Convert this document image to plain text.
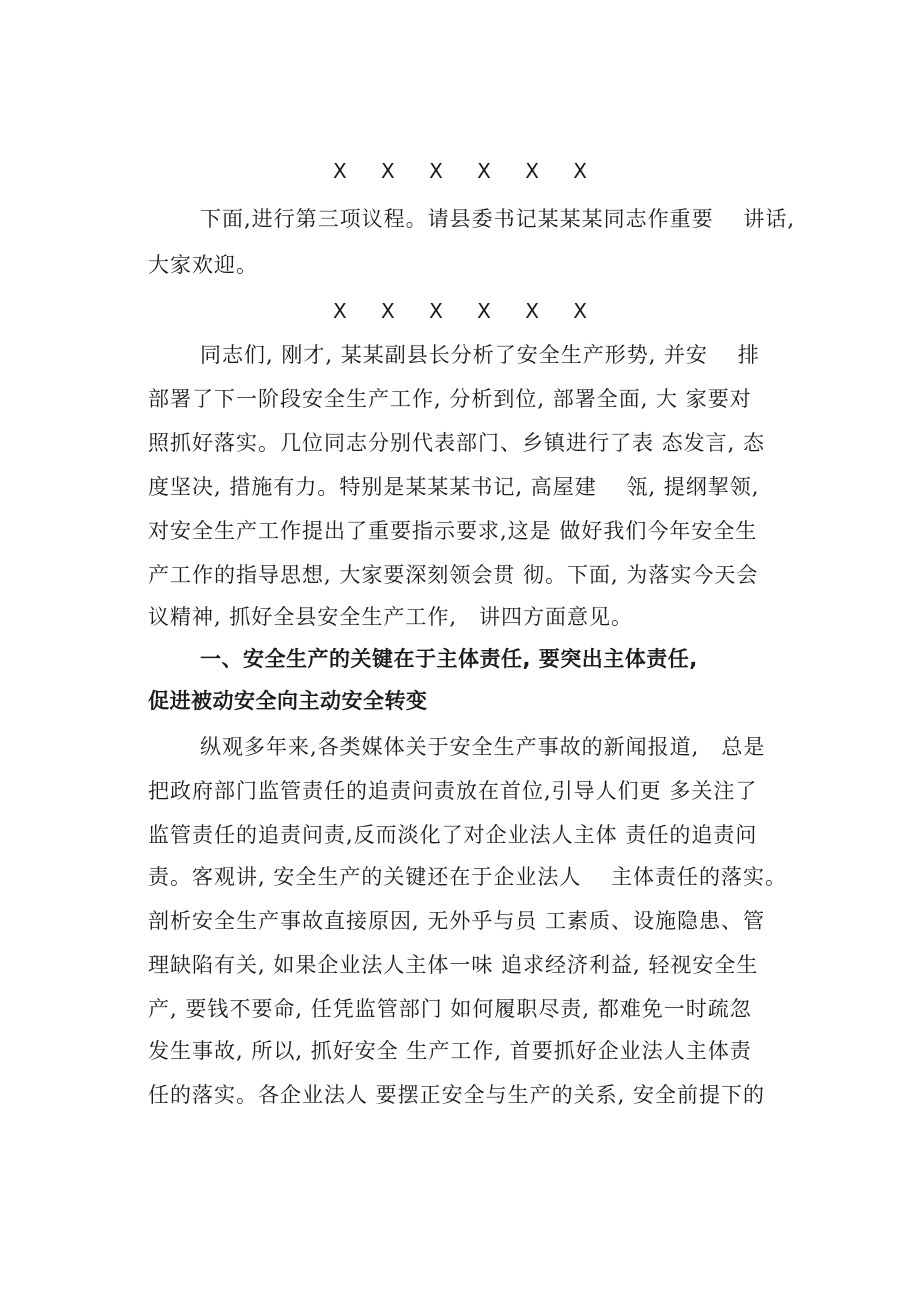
X X X X X X
下面,进行第三项议程。请县委书记某某某同志作重要　 讲话,
大家欢迎。
X X X X X X
同志们, 刚才, 某某副县长分析了安全生产形势, 并安　 排
部署了下一阶段安全生产工作, 分析到位, 部署全面, 大 家要对
照抓好落实。几位同志分别代表部门、乡镇进行了表 态发言, 态
度坚决, 措施有力。特别是某某某书记, 高屋建　 瓴, 提纲挈领,
对安全生产工作提出了重要指示要求,这是 做好我们今年安全生
产工作的指导思想, 大家要深刻领会贯 彻。下面, 为落实今天会
议精神, 抓好全县安全生产工作,　讲四方面意见。
一、安全生产的关键在于主体责任, 要突出主体责任,
促进被动安全向主动安全转变
纵观多年来,各类媒体关于安全生产事故的新闻报道,　总是
把政府部门监管责任的追责问责放在首位,引导人们更 多关注了
监管责任的追责问责,反而淡化了对企业法人主体 责任的追责问
责。客观讲, 安全生产的关键还在于企业法人　 主体责任的落实。
剖析安全生产事故直接原因, 无外乎与员 工素质、设施隐患、管
理缺陷有关, 如果企业法人主体一味 追求经济利益, 轻视安全生
产, 要钱不要命, 任凭监管部门 如何履职尽责, 都难免一时疏忽
发生事故, 所以, 抓好安全 生产工作, 首要抓好企业法人主体责
任的落实。各企业法人 要摆正安全与生产的关系, 安全前提下的
